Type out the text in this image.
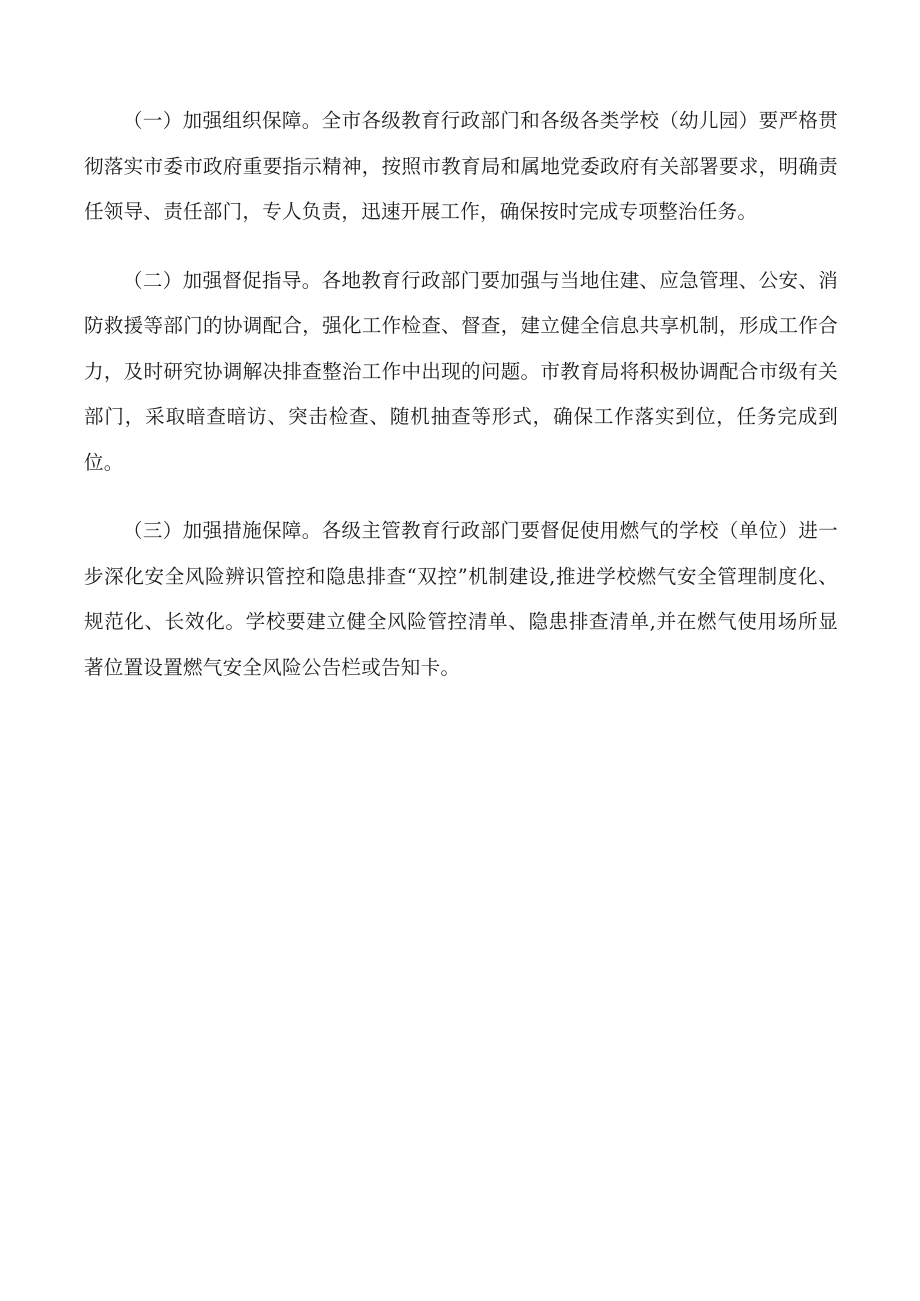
（一）加强组织保障。全市各级教育行政部门和各级各类学校（幼儿园）要严格贯彻落实市委市政府重要指示精神，按照市教育局和属地党委政府有关部署要求，明确责任领导、责任部门，专人负责，迅速开展工作，确保按时完成专项整治任务。

（二）加强督促指导。各地教育行政部门要加强与当地住建、应急管理、公安、消防救援等部门的协调配合，强化工作检查、督查，建立健全信息共享机制，形成工作合力，及时研究协调解决排查整治工作中出现的问题。市教育局将积极协调配合市级有关部门，采取暗查暗访、突击检查、随机抽查等形式，确保工作落实到位，任务完成到位。

（三）加强措施保障。各级主管教育行政部门要督促使用燃气的学校（单位）进一步深化安全风险辨识管控和隐患排查“双控”机制建设,推进学校燃气安全管理制度化、规范化、长效化。学校要建立健全风险管控清单、隐患排查清单,并在燃气使用场所显著位置设置燃气安全风险公告栏或告知卡。
